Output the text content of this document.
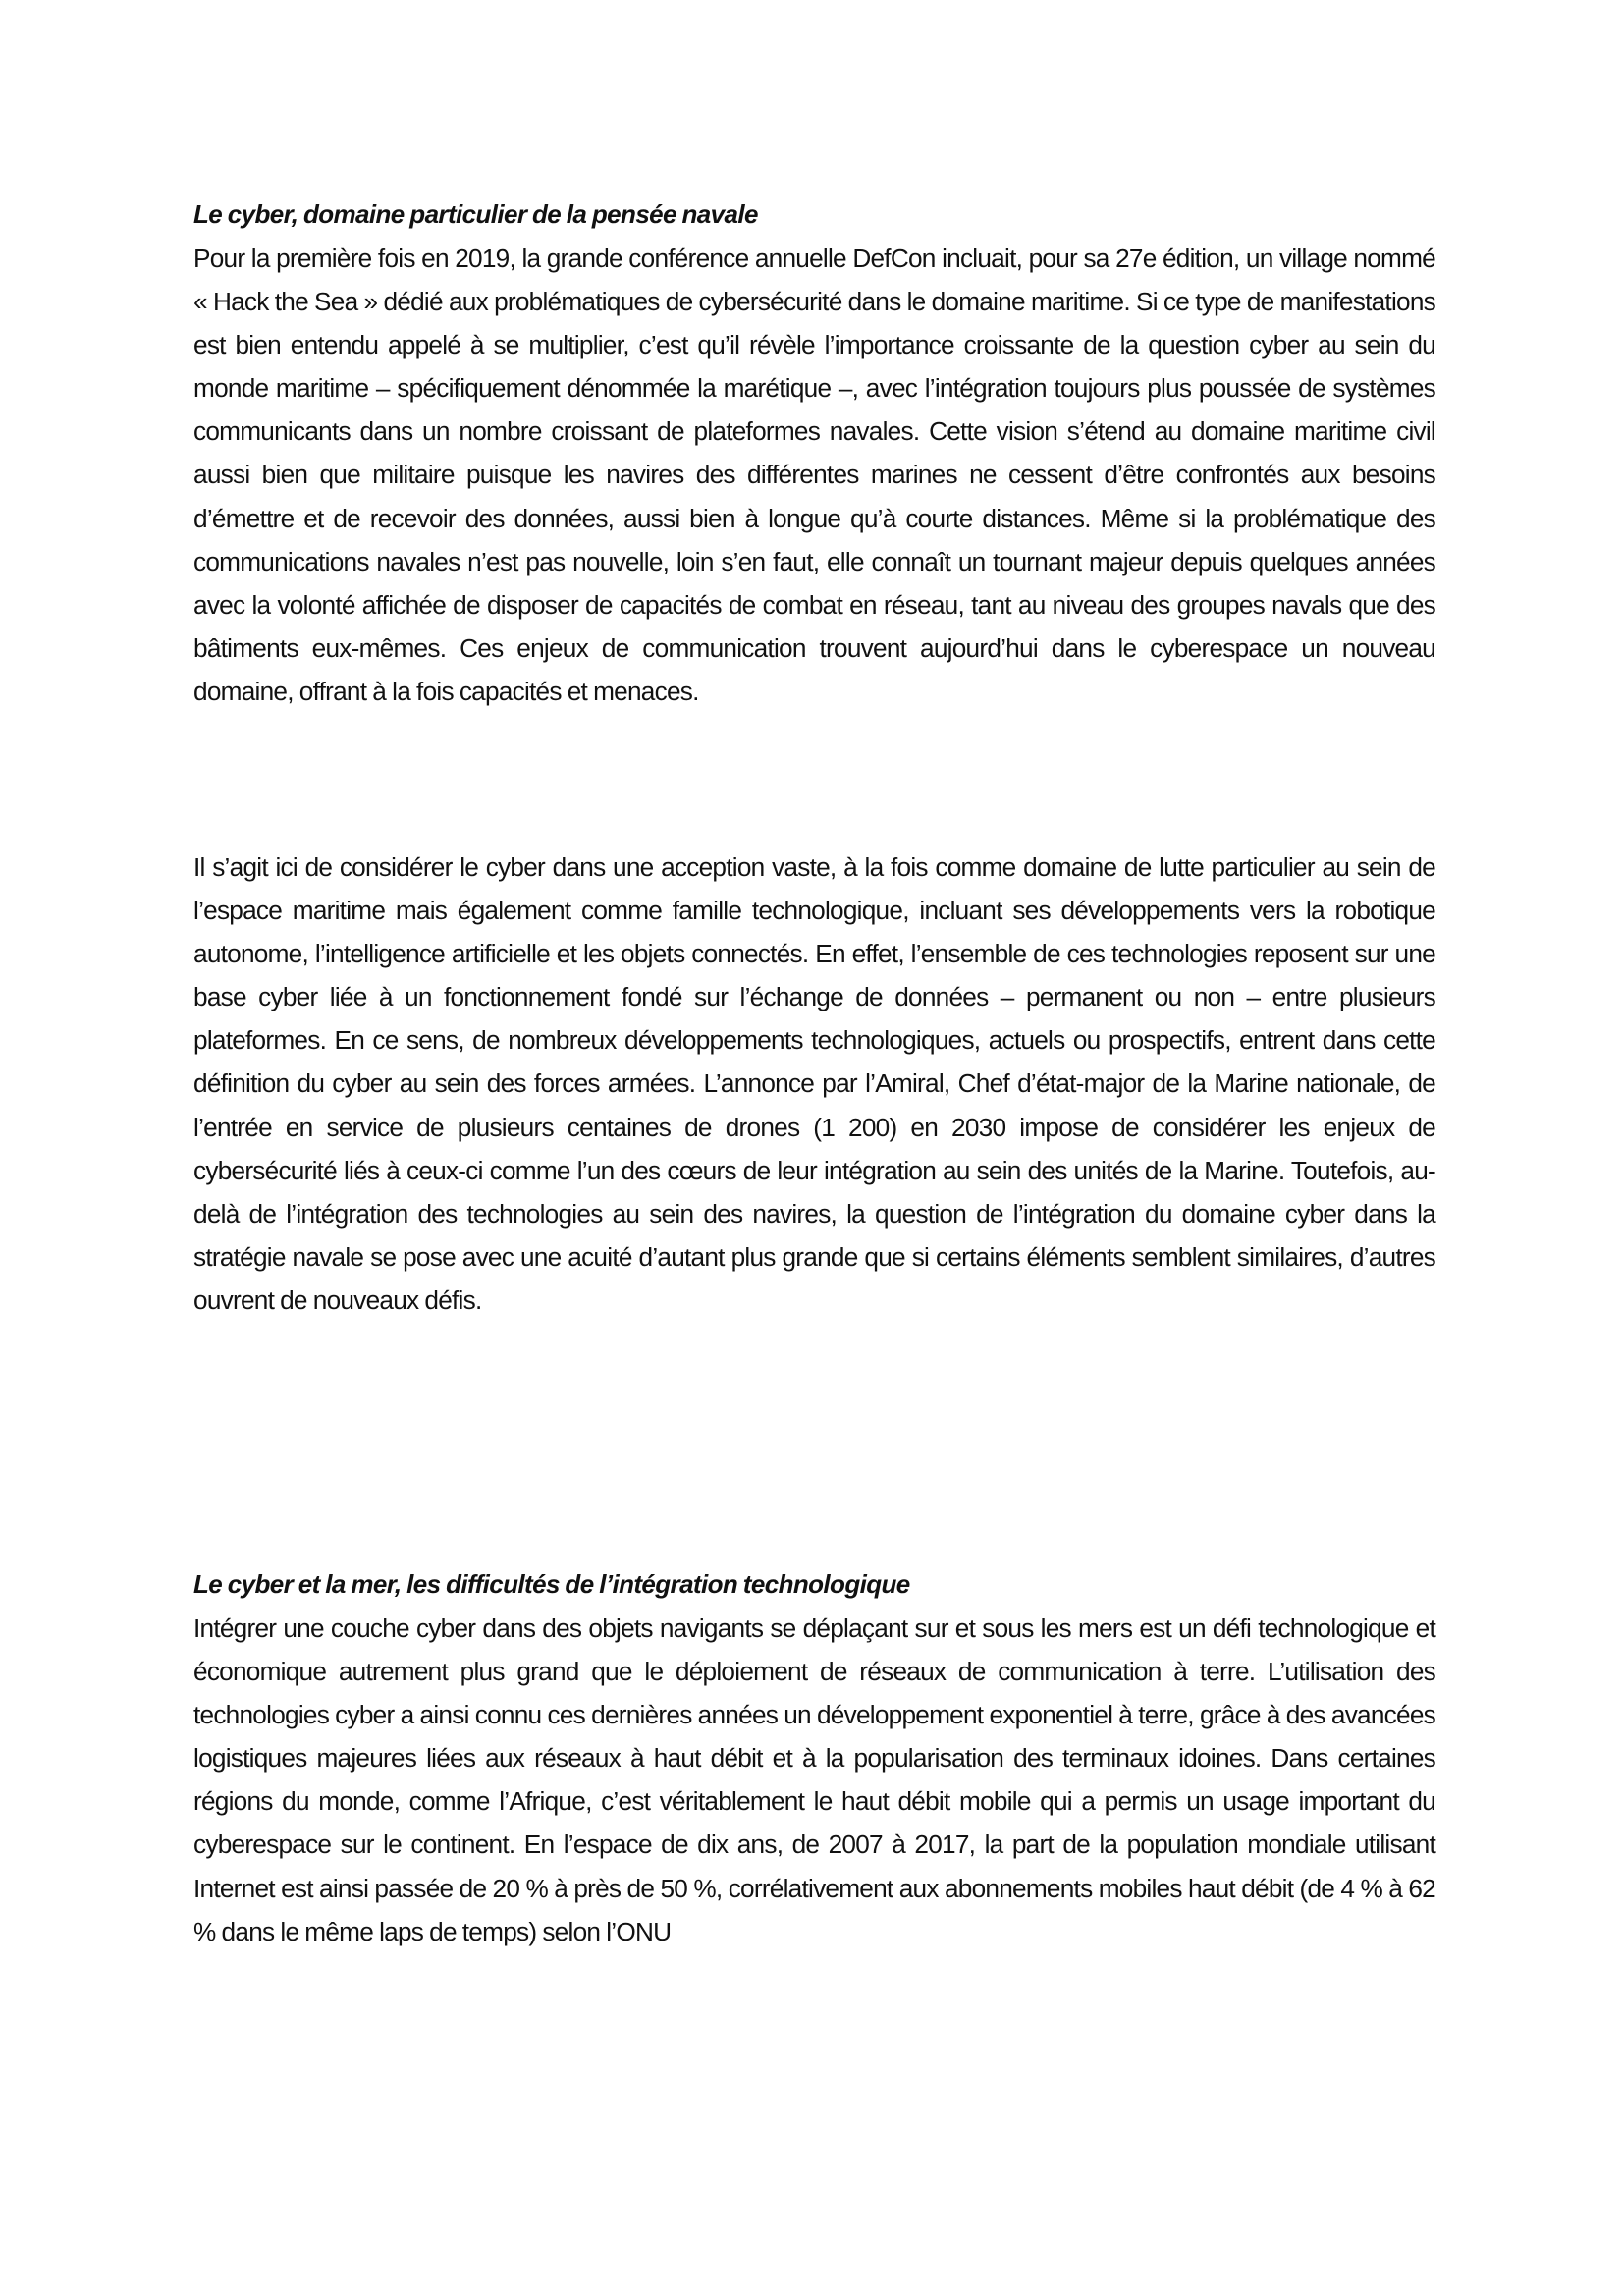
Le cyber, domaine particulier de la pensée navale

Pour la première fois en 2019, la grande conférence annuelle DefCon incluait, pour sa 27e édition, un village nommé « Hack the Sea » dédié aux problématiques de cybersécurité dans le domaine maritime. Si ce type de manifestations est bien entendu appelé à se multiplier, c’est qu’il révèle l’importance croissante de la question cyber au sein du monde maritime – spécifiquement dénommée la marétique –, avec l’intégration toujours plus poussée de systèmes communicants dans un nombre croissant de plateformes navales. Cette vision s’étend au domaine maritime civil aussi bien que militaire puisque les navires des différentes marines ne cessent d’être confrontés aux besoins d’émettre et de recevoir des données, aussi bien à longue qu’à courte distances. Même si la problématique des communications navales n’est pas nouvelle, loin s’en faut, elle connaît un tournant majeur depuis quelques années avec la volonté affichée de disposer de capacités de combat en réseau, tant au niveau des groupes navals que des bâtiments eux-mêmes. Ces enjeux de communication trouvent aujourd’hui dans le cyberespace un nouveau domaine, offrant à la fois capacités et menaces.

Il s’agit ici de considérer le cyber dans une acception vaste, à la fois comme domaine de lutte particulier au sein de l’espace maritime mais également comme famille technologique, incluant ses développements vers la robotique autonome, l’intelligence artificielle et les objets connectés. En effet, l’ensemble de ces technologies reposent sur une base cyber liée à un fonctionnement fondé sur l’échange de données – permanent ou non – entre plusieurs plateformes. En ce sens, de nombreux développements technologiques, actuels ou prospectifs, entrent dans cette définition du cyber au sein des forces armées. L’annonce par l’Amiral, Chef d’état-major de la Marine nationale, de l’entrée en service de plusieurs centaines de drones (1 200) en 2030 impose de considérer les enjeux de cybersécurité liés à ceux-ci comme l’un des cœurs de leur intégration au sein des unités de la Marine. Toutefois, au-delà de l’intégration des technologies au sein des navires, la question de l’intégration du domaine cyber dans la stratégie navale se pose avec une acuité d’autant plus grande que si certains éléments semblent similaires, d’autres ouvrent de nouveaux défis.

Le cyber et la mer, les difficultés de l’intégration technologique

Intégrer une couche cyber dans des objets navigants se déplaçant sur et sous les mers est un défi technologique et économique autrement plus grand que le déploiement de réseaux de communication à terre. L’utilisation des technologies cyber a ainsi connu ces dernières années un développement exponentiel à terre, grâce à des avancées logistiques majeures liées aux réseaux à haut débit et à la popularisation des terminaux idoines. Dans certaines régions du monde, comme l’Afrique, c’est véritablement le haut débit mobile qui a permis un usage important du cyberespace sur le continent. En l’espace de dix ans, de 2007 à 2017, la part de la population mondiale utilisant Internet est ainsi passée de 20 % à près de 50 %, corrélativement aux abonnements mobiles haut débit (de 4 % à 62 % dans le même laps de temps) selon l’ONU
